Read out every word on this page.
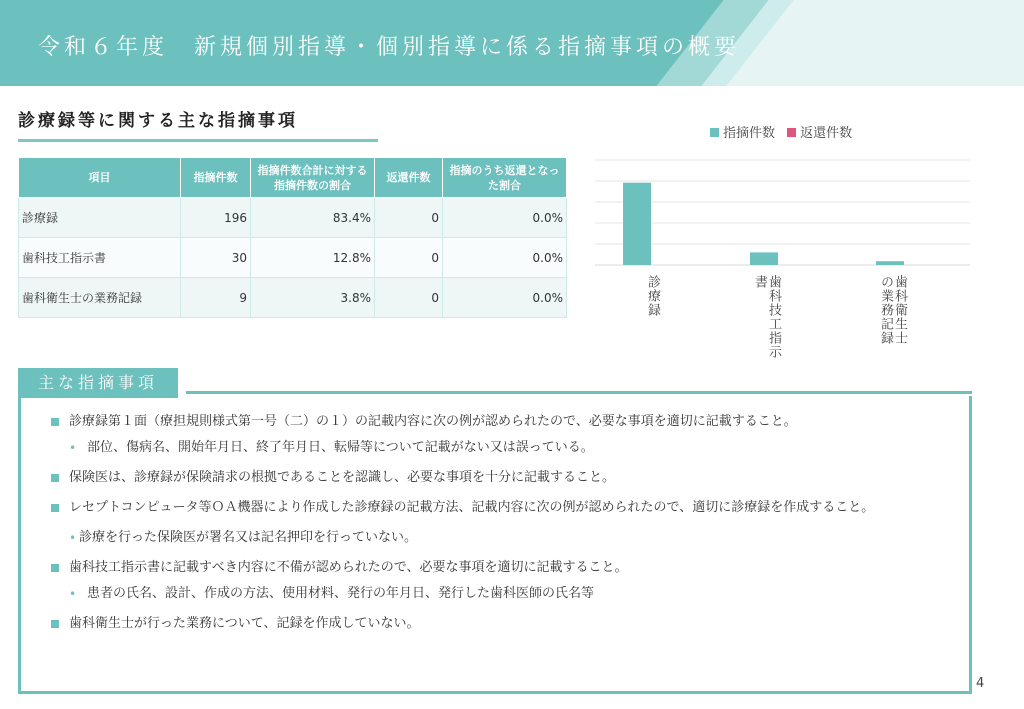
令和６年度　新規個別指導・個別指導に係る指摘事項の概要
診療録等に関する主な指摘事項
項目	指摘件数	指摘件数合計に対する指摘件数の割合	返還件数	指摘のうち返還となった割合
診療録	196	83.4%	0	0.0%
歯科技工指示書	30	12.8%	0	0.0%
歯科衛生士の業務記録	9	3.8%	0	0.0%
指摘件数 返還件数
診療録	歯科技工指示書	歯科衛生士の業務記録
主な指摘事項
診療録第１面（療担規則様式第一号（二）の１）の記載内容に次の例が認められたので、必要な事項を適切に記載すること。
• 部位、傷病名、開始年月日、終了年月日、転帰等について記載がない又は誤っている。
保険医は、診療録が保険請求の根拠であることを認識し、必要な事項を十分に記載すること。
レセプトコンピュータ等ＯＡ機器により作成した診療録の記載方法、記載内容に次の例が認められたので、適切に診療録を作成すること。
• 診療を行った保険医が署名又は記名押印を行っていない。
歯科技工指示書に記載すべき内容に不備が認められたので、必要な事項を適切に記載すること。
• 患者の氏名、設計、作成の方法、使用材料、発行の年月日、発行した歯科医師の氏名等
歯科衛生士が行った業務について、記録を作成していない。
4
